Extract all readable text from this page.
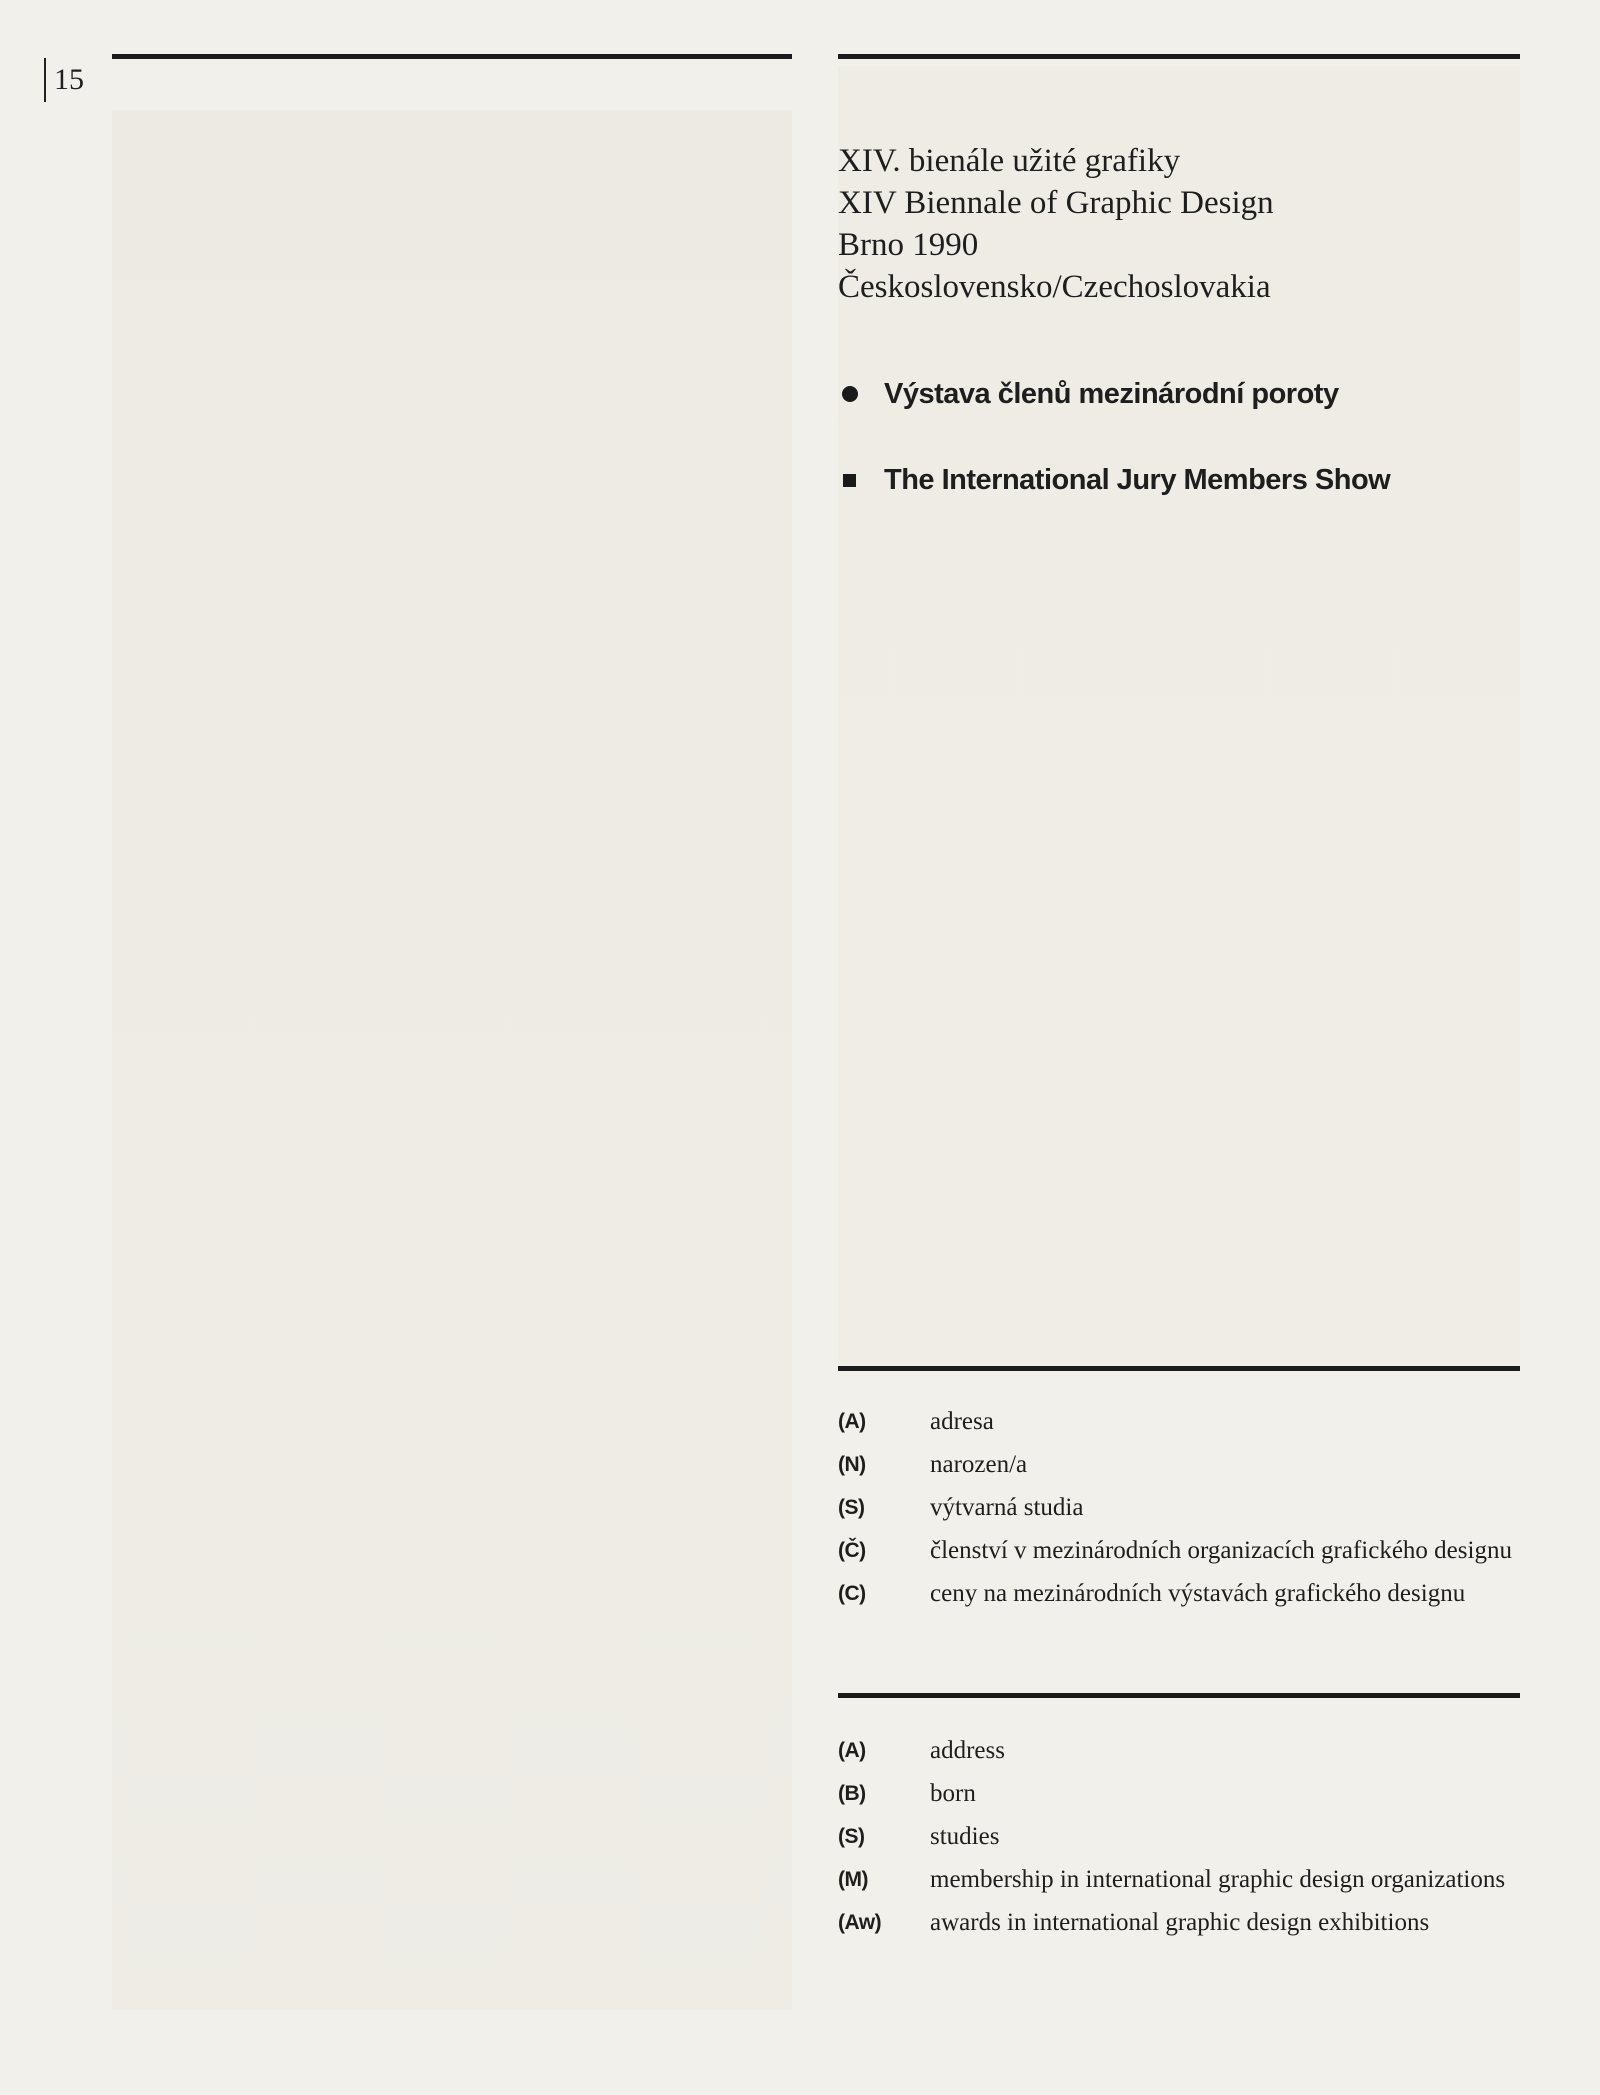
15
XIV. bienále užité grafiky
XIV Biennale of Graphic Design
Brno 1990
Československo/Czechoslovakia
Výstava členů mezinárodní poroty
The International Jury Members Show
(A)	adresa
(N)	narozen/a
(S)	výtvarná studia
(Č)	členství v mezinárodních organizacích grafického designu
(C)	ceny na mezinárodních výstavách grafického designu
(A)	address
(B)	born
(S)	studies
(M)	membership in international graphic design organizations
(Aw)	awards in international graphic design exhibitions
